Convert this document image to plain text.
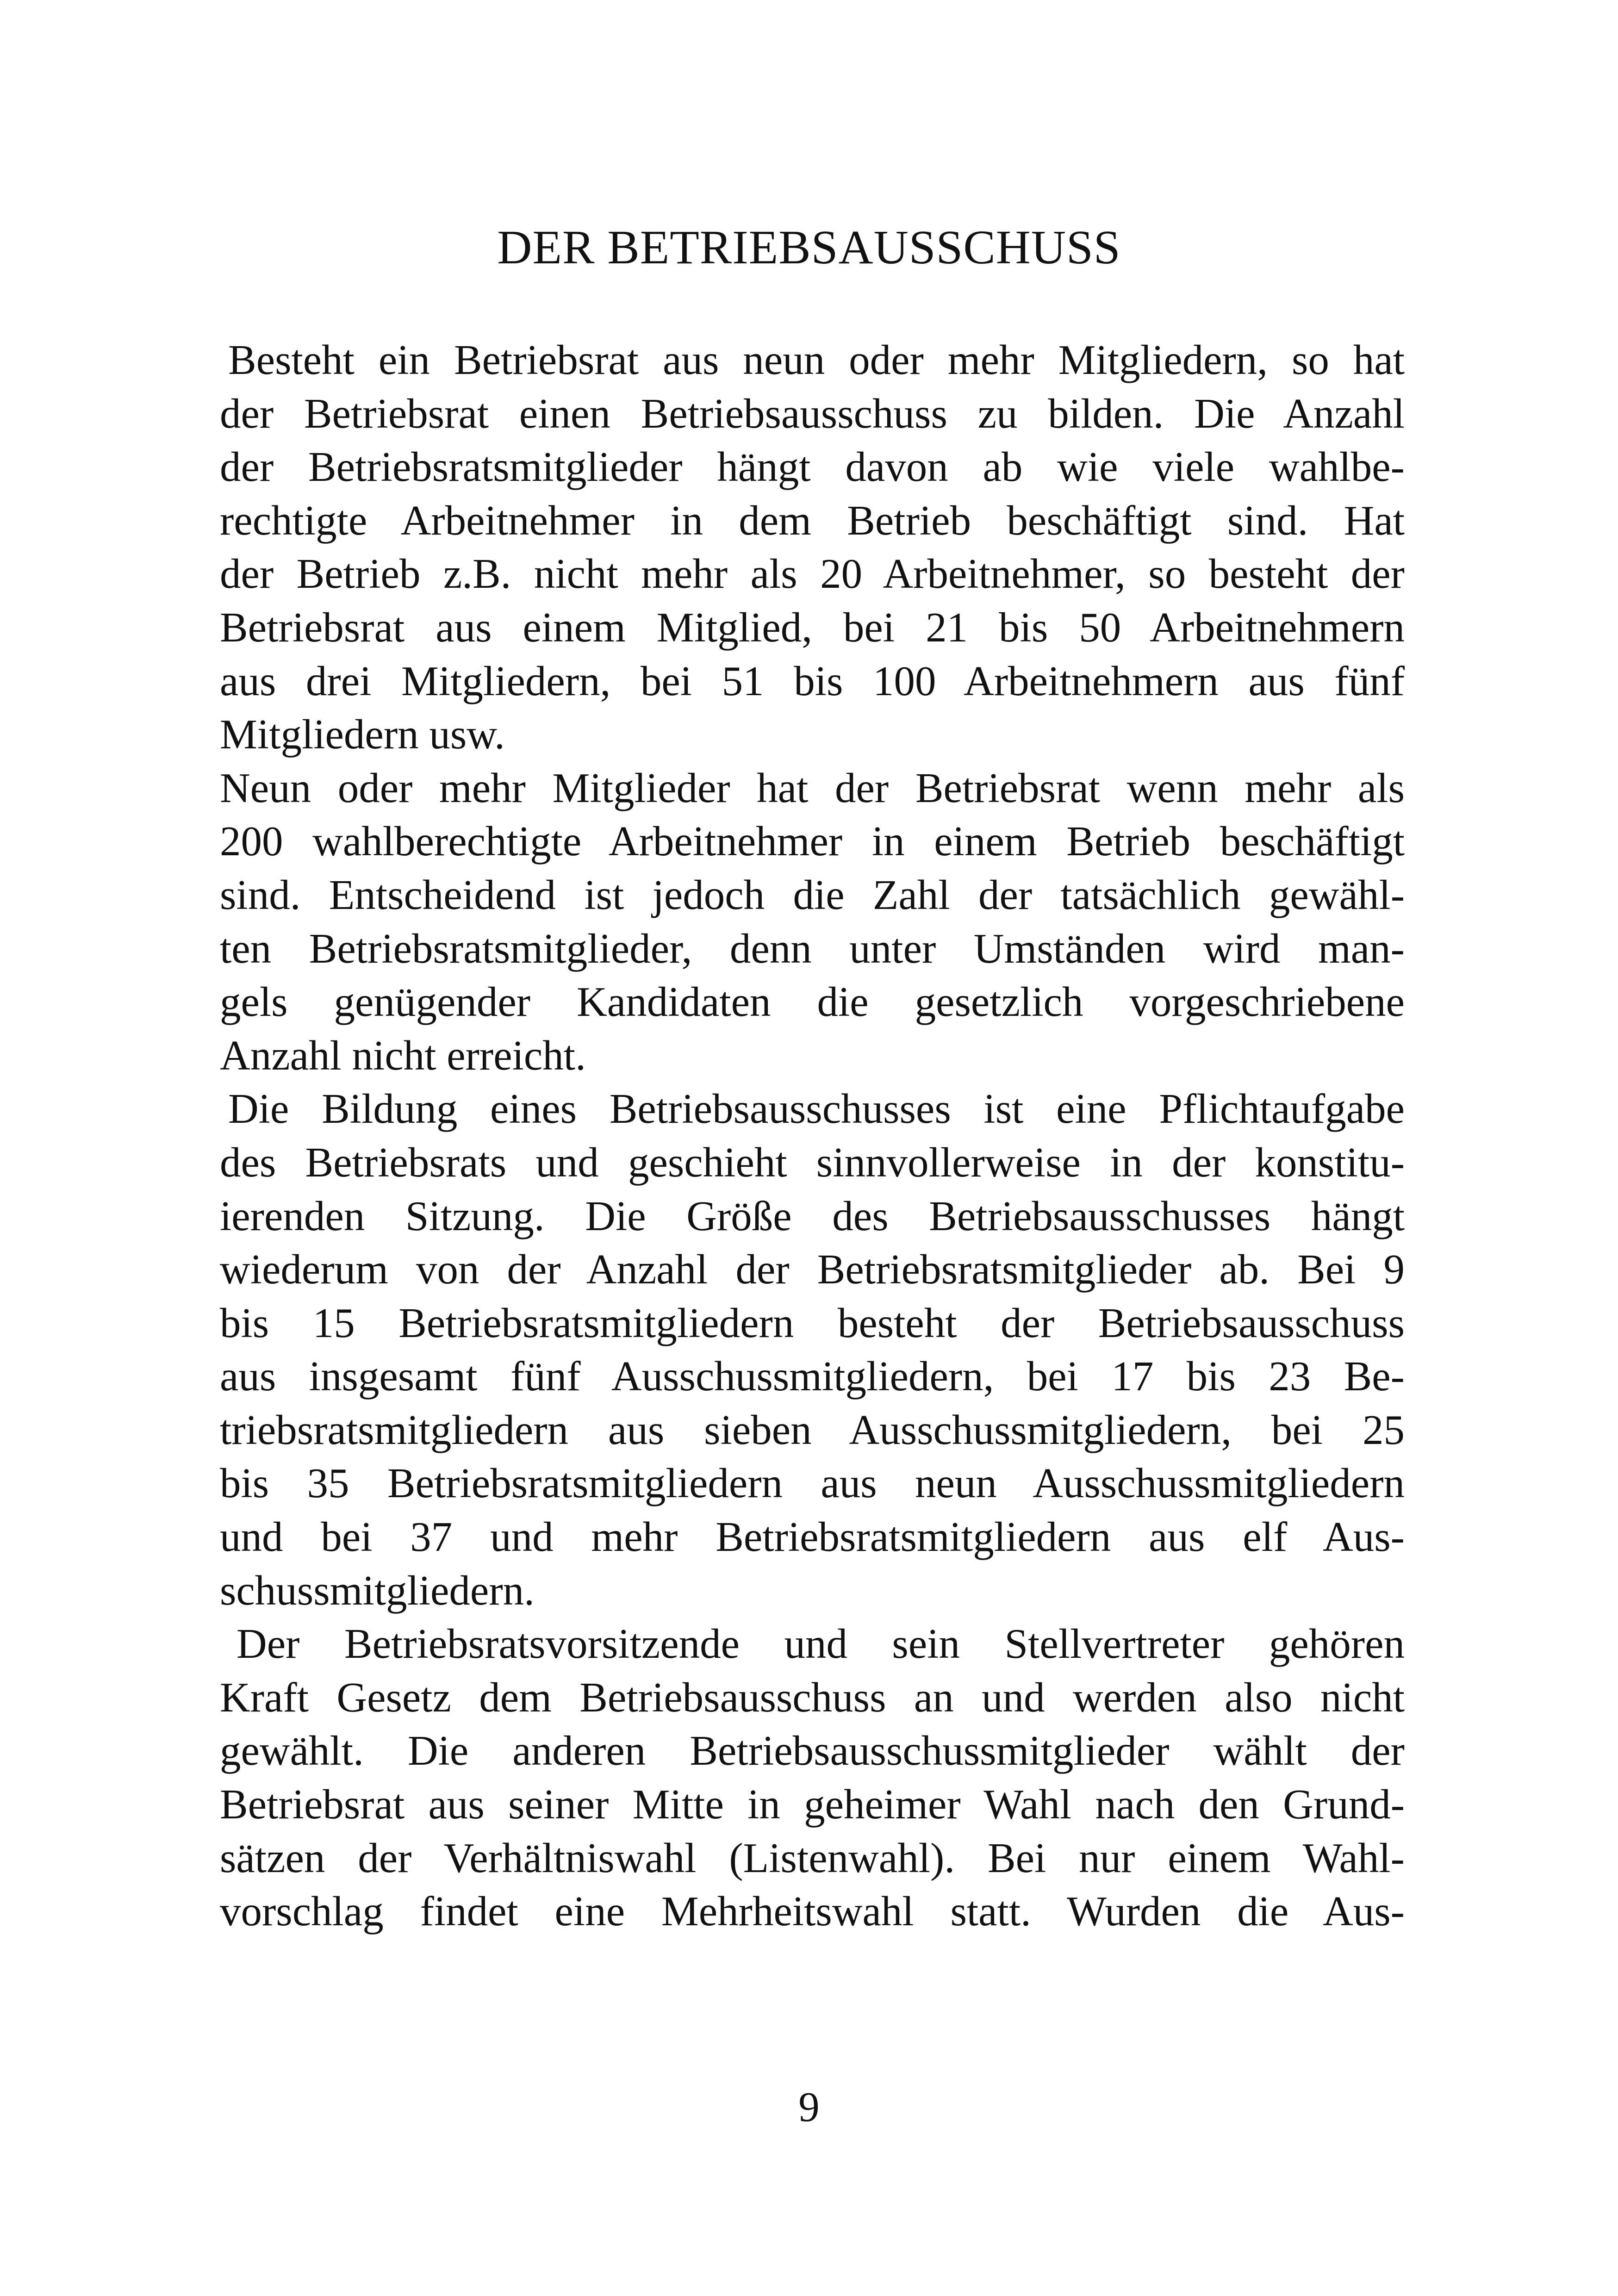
DER BETRIEBSAUSSCHUSS
Besteht ein Betriebsrat aus neun oder mehr Mitgliedern, so hat
der Betriebsrat einen Betriebsausschuss zu bilden. Die Anzahl
der Betriebsratsmitglieder hängt davon ab wie viele wahlbe-
rechtigte Arbeitnehmer in dem Betrieb beschäftigt sind. Hat
der Betrieb z.B. nicht mehr als 20 Arbeitnehmer, so besteht der
Betriebsrat aus einem Mitglied, bei 21 bis 50 Arbeitnehmern
aus drei Mitgliedern, bei 51 bis 100 Arbeitnehmern aus fünf
Mitgliedern usw.
Neun oder mehr Mitglieder hat der Betriebsrat wenn mehr als
200 wahlberechtigte Arbeitnehmer in einem Betrieb beschäftigt
sind. Entscheidend ist jedoch die Zahl der tatsächlich gewähl-
ten Betriebsratsmitglieder, denn unter Umständen wird man-
gels genügender Kandidaten die gesetzlich vorgeschriebene
Anzahl nicht erreicht.
Die Bildung eines Betriebsausschusses ist eine Pflichtaufgabe
des Betriebsrats und geschieht sinnvollerweise in der konstitu-
ierenden Sitzung. Die Größe des Betriebsausschusses hängt
wiederum von der Anzahl der Betriebsratsmitglieder ab. Bei 9
bis 15 Betriebsratsmitgliedern besteht der Betriebsausschuss
aus insgesamt fünf Ausschussmitgliedern, bei 17 bis 23 Be-
triebsratsmitgliedern aus sieben Ausschussmitgliedern, bei 25
bis 35 Betriebsratsmitgliedern aus neun Ausschussmitgliedern
und bei 37 und mehr Betriebsratsmitgliedern aus elf Aus-
schussmitgliedern.
Der Betriebsratsvorsitzende und sein Stellvertreter gehören
Kraft Gesetz dem Betriebsausschuss an und werden also nicht
gewählt. Die anderen Betriebsausschussmitglieder wählt der
Betriebsrat aus seiner Mitte in geheimer Wahl nach den Grund-
sätzen der Verhältniswahl (Listenwahl). Bei nur einem Wahl-
vorschlag findet eine Mehrheitswahl statt. Wurden die Aus-
9
